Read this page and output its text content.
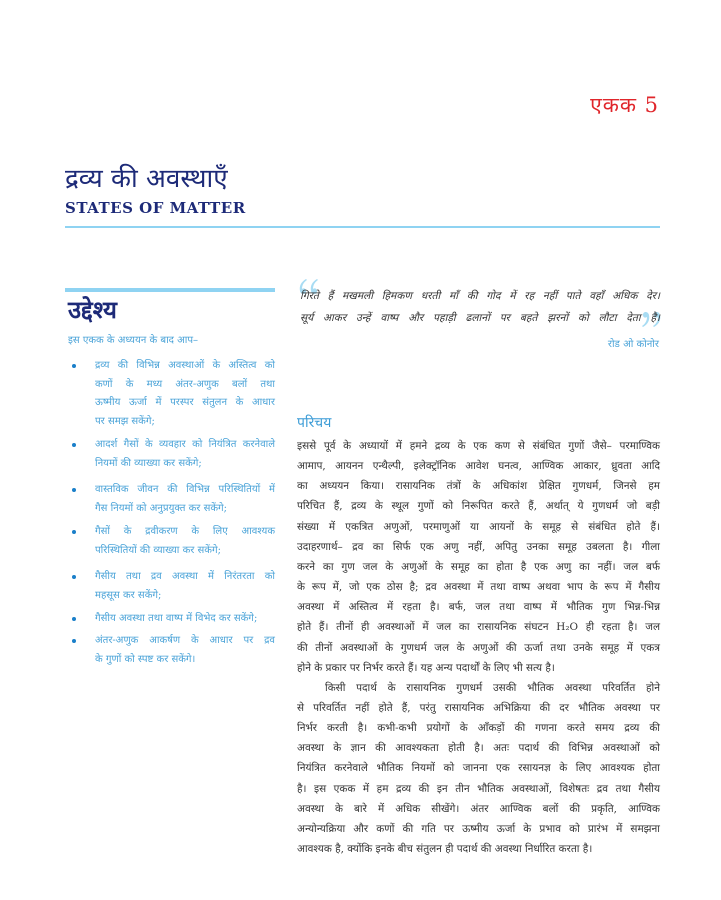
एकक 5
द्रव्य की अवस्थाएँ
STATES OF MATTER
उद्देश्य
इस एकक के अध्ययन के बाद आप–
द्रव्य की विभिन्न अवस्थाओं के अस्तित्व को
कणों के मध्य अंतर-अणुक बलों तथा
ऊष्मीय ऊर्जा में परस्पर संतुलन के आधार
पर समझ सकेंगे;
आदर्श गैसों के व्यवहार को नियंत्रित करनेवाले
नियमों की व्याख्या कर सकेंगे;
वास्तविक जीवन की विभिन्न परिस्थितियों में
गैस नियमों को अनुप्रयुक्त कर सकेंगे;
गैसों के द्रवीकरण के लिए आवश्यक
परिस्थितियों की व्याख्या कर सकेंगे;
गैसीय तथा द्रव अवस्था में निरंतरता को
महसूस कर सकेंगे;
गैसीय अवस्था तथा वाष्प में विभेद कर सकेंगे;
अंतर-अणुक आकर्षण के आधार पर द्रव
के गुणों को स्पष्ट कर सकेंगे।
गिरते हैं मखमली हिमकण धरती माँ की गोद में रह नहीं पाते वहाँ अधिक देर।
सूर्य आकर उन्हें वाष्प और पहाड़ी ढलानों पर बहते झरनों को लौटा देता है।
रोड ओ कोनोर
परिचय
इससे पूर्व के अध्यायों में हमने द्रव्य के एक कण से संबंधित गुणों जैसे– परमाण्विक
आमाप, आयनन एन्थैल्पी, इलेक्ट्रॉनिक आवेश घनत्व, आण्विक आकार, ध्रुवता आदि
का अध्ययन किया। रासायनिक तंत्रों के अधिकांश प्रेक्षित गुणधर्म, जिनसे हम
परिचित हैं, द्रव्य के स्थूल गुणों को निरूपित करते हैं, अर्थात् ये गुणधर्म जो बड़ी
संख्या में एकत्रित अणुओं, परमाणुओं या आयनों के समूह से संबंधित होते हैं।
उदाहरणार्थ– द्रव का सिर्फ एक अणु नहीं, अपितु उनका समूह उबलता है। गीला
करने का गुण जल के अणुओं के समूह का होता है एक अणु का नहीं। जल बर्फ
के रूप में, जो एक ठोस है; द्रव अवस्था में तथा वाष्प अथवा भाप के रूप में गैसीय
अवस्था में अस्तित्व में रहता है। बर्फ, जल तथा वाष्प में भौतिक गुण भिन्न-भिन्न
होते हैं। तीनों ही अवस्थाओं में जल का रासायनिक संघटन H₂O ही रहता है। जल
की तीनों अवस्थाओं के गुणधर्म जल के अणुओं की ऊर्जा तथा उनके समूह में एकत्र
होने के प्रकार पर निर्भर करते हैं। यह अन्य पदार्थों के लिए भी सत्य है।
किसी पदार्थ के रासायनिक गुणधर्म उसकी भौतिक अवस्था परिवर्तित होने
से परिवर्तित नहीं होते हैं, परंतु रासायनिक अभिक्रिया की दर भौतिक अवस्था पर
निर्भर करती है। कभी-कभी प्रयोगों के आँकड़ों की गणना करते समय द्रव्य की
अवस्था के ज्ञान की आवश्यकता होती है। अतः पदार्थ की विभिन्न अवस्थाओं को
नियंत्रित करनेवाले भौतिक नियमों को जानना एक रसायनज्ञ के लिए आवश्यक होता
है। इस एकक में हम द्रव्य की इन तीन भौतिक अवस्थाओं, विशेषतः द्रव तथा गैसीय
अवस्था के बारे में अधिक सीखेंगे। अंतर आण्विक बलों की प्रकृति, आण्विक
अन्योन्यक्रिया और कणों की गति पर ऊष्मीय ऊर्जा के प्रभाव को प्रारंभ में समझना
आवश्यक है, क्योंकि इनके बीच संतुलन ही पदार्थ की अवस्था निर्धारित करता है।
